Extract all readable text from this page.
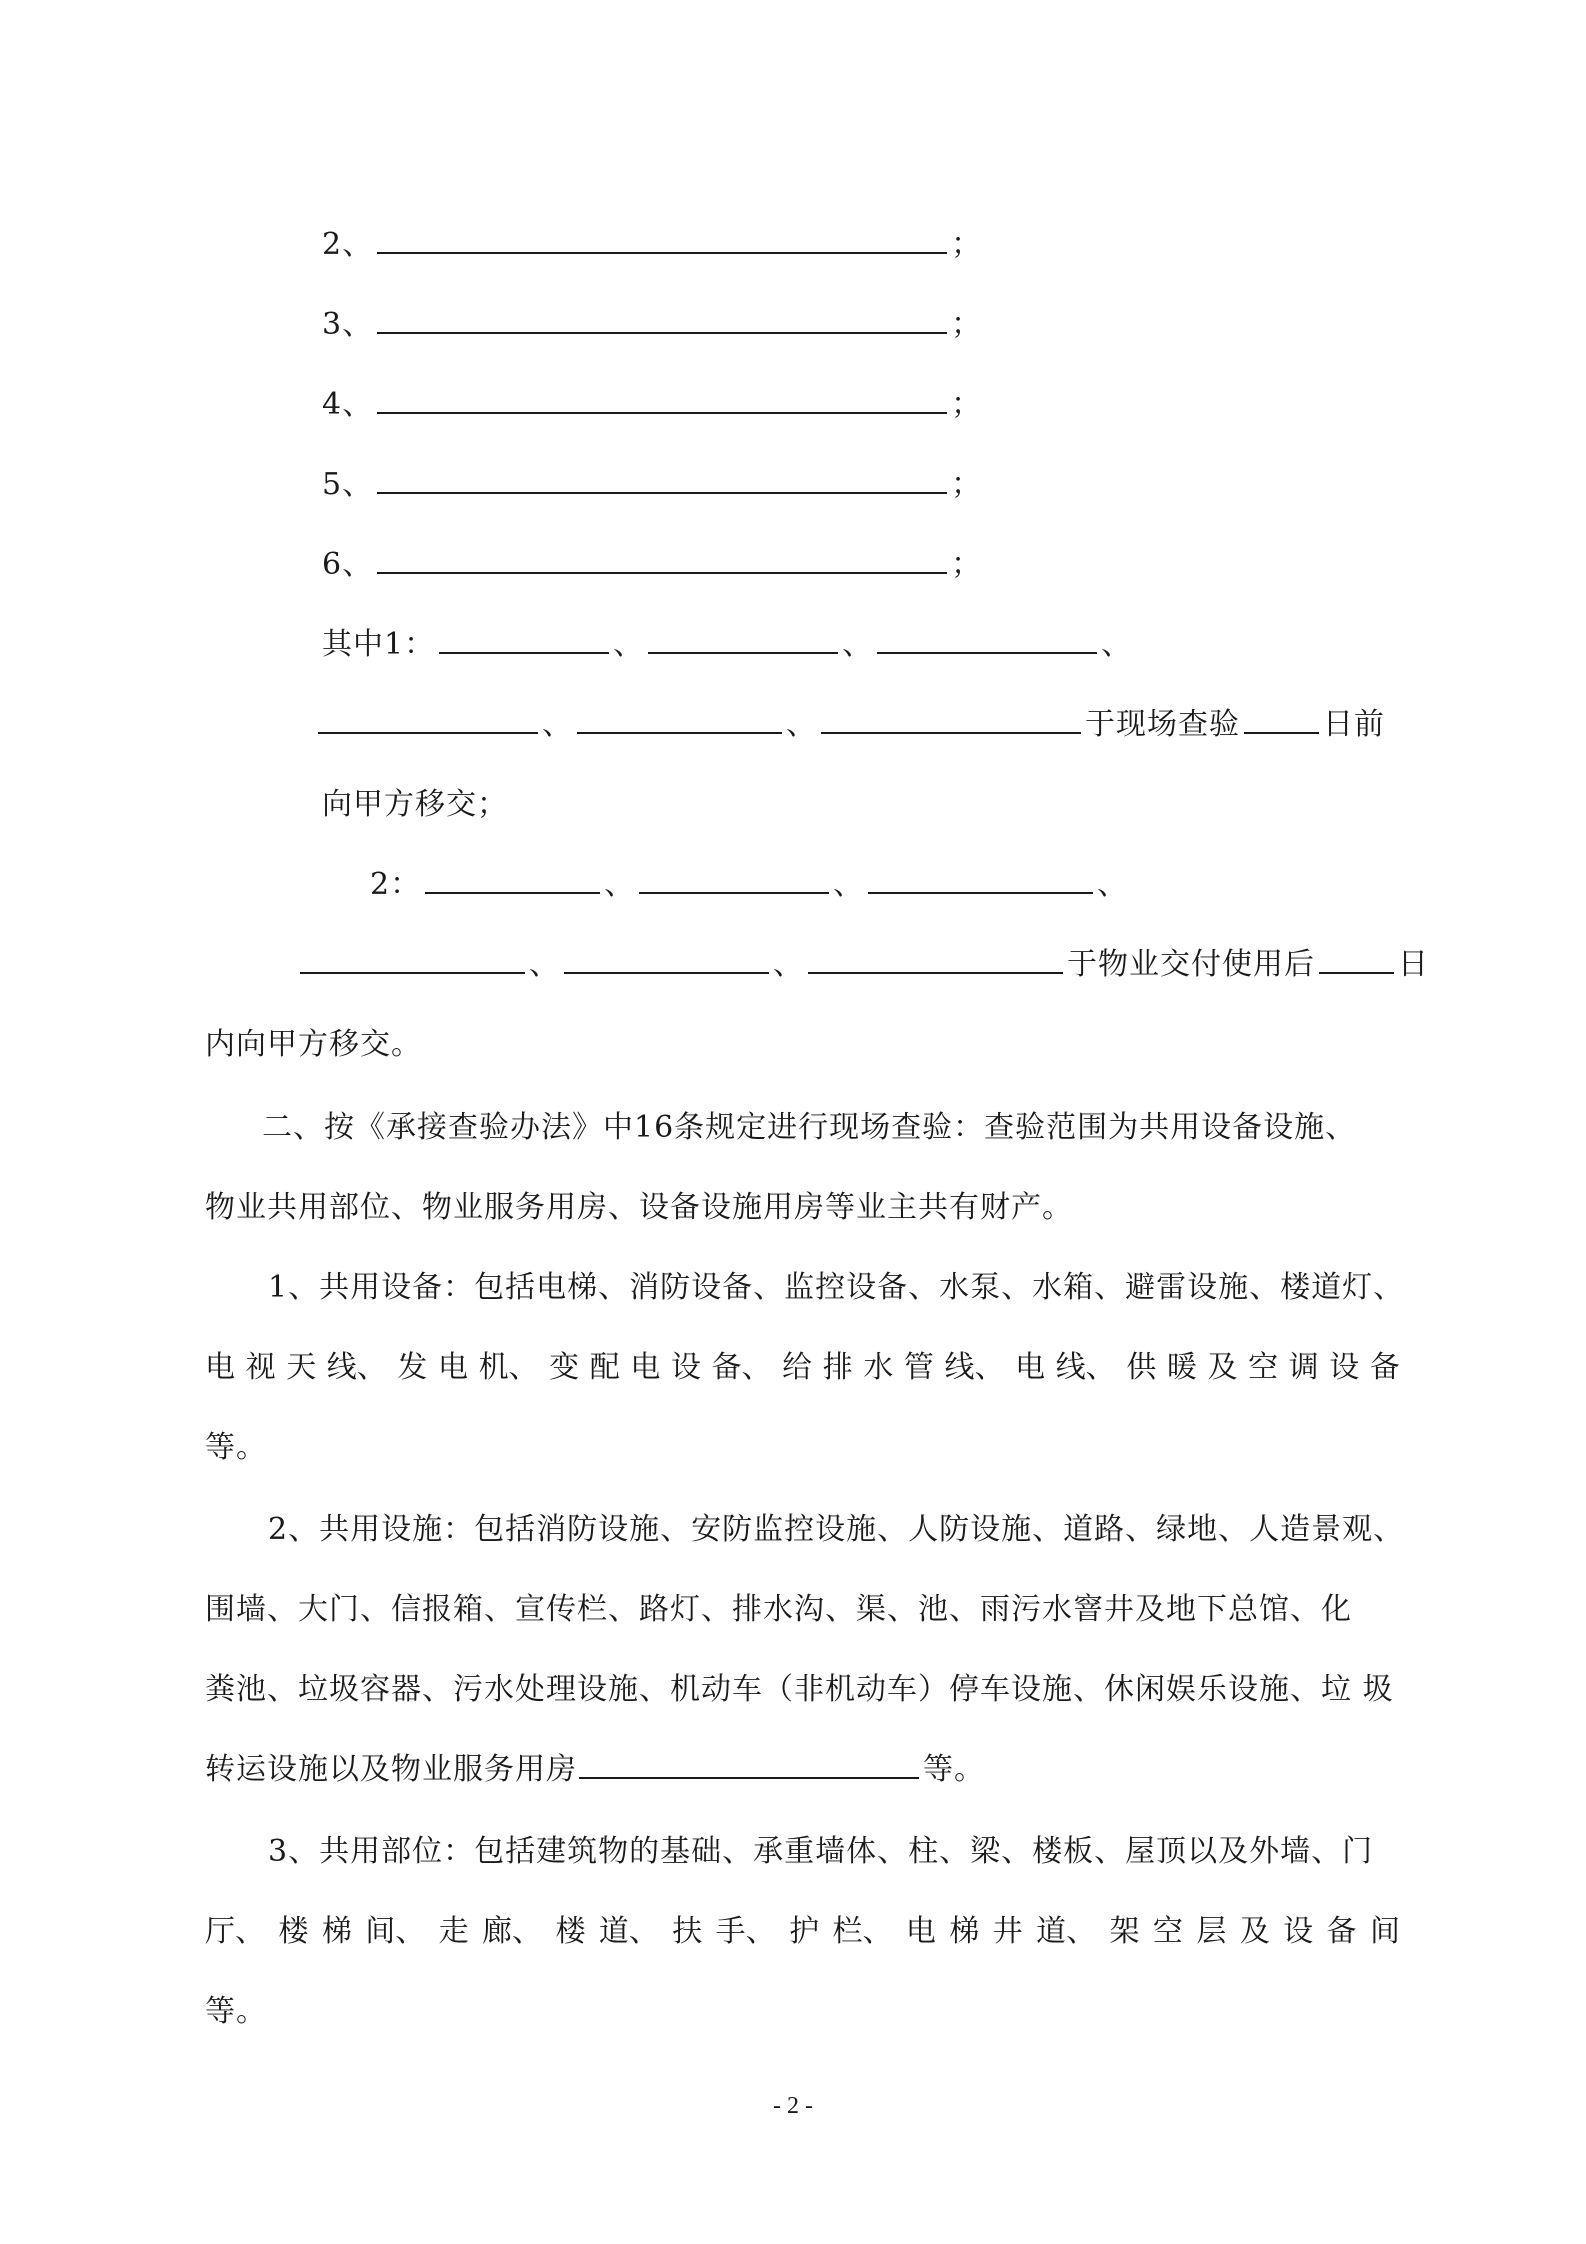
2、	；
3、	；
4、	；
5、	；
6、	；
其中1：	、	、	、
、	、	于现场查验	日前
向甲方移交；
2：	、	、	、
、	、	于物业交付使用后	日
内向甲方移交。
二、按《承接查验办法》中16条规定进行现场查验：查验范围为共用设备设施、
物业共用部位、物业服务用房、设备设施用房等业主共有财产。
1、共用设备：包括电梯、消防设备、监控设备、水泵、水箱、避雷设施、楼道灯、
电 视 天 线、 发 电 机、 变 配 电 设 备、 给 排 水 管 线、 电 线、 供 暖 及 空 调 设 备
等。
2、共用设施：包括消防设施、安防监控设施、人防设施、道路、绿地、人造景观、
围墙、大门、信报箱、宣传栏、路灯、排水沟、渠、池、雨污水窨井及地下总馆、化
粪池、垃圾容器、污水处理设施、机动车（非机动车）停车设施、休闲娱乐设施、垃 圾
转运设施以及物业服务用房	等。
3、共用部位：包括建筑物的基础、承重墙体、柱、梁、楼板、屋顶以及外墙、门
厅、 楼 梯 间、 走 廊、 楼 道、 扶 手、 护 栏、 电 梯 井 道、 架 空 层 及 设 备 间
等。
- 2 -
